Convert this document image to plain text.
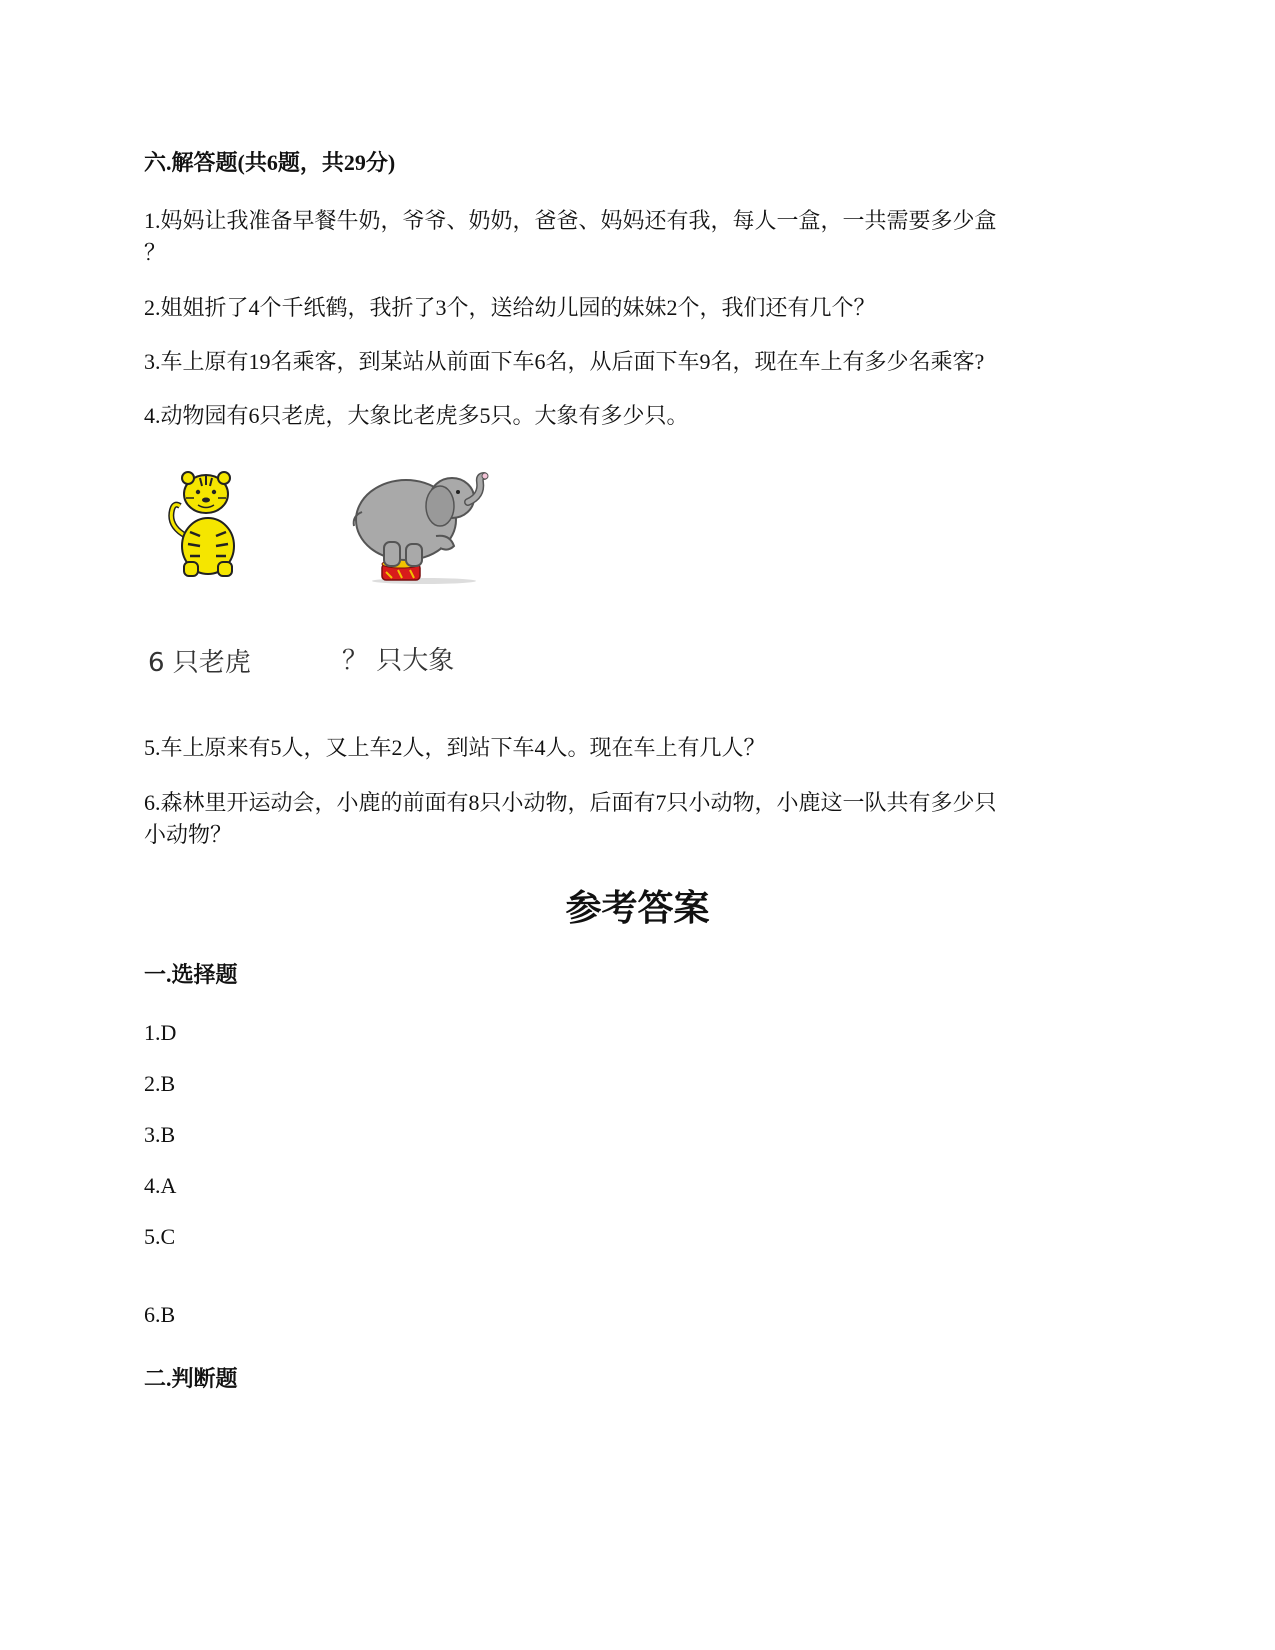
六.解答题(共6题，共29分)
1.妈妈让我准备早餐牛奶，爷爷、奶奶，爸爸、妈妈还有我，每人一盒，一共需要多少盒
？
2.姐姐折了4个千纸鹤，我折了3个，送给幼儿园的妹妹2个，我们还有几个？
3.车上原有19名乘客，到某站从前面下车6名，从后面下车9名，现在车上有多少名乘客?
4.动物园有6只老虎，大象比老虎多5只。大象有多少只。
6 只老虎	？ 只大象
5.车上原来有5人，又上车2人，到站下车4人。现在车上有几人？
6.森林里开运动会，小鹿的前面有8只小动物，后面有7只小动物，小鹿这一队共有多少只
小动物？
参考答案
一.选择题
1.D
2.B
3.B
4.A
5.C
6.B
二.判断题
